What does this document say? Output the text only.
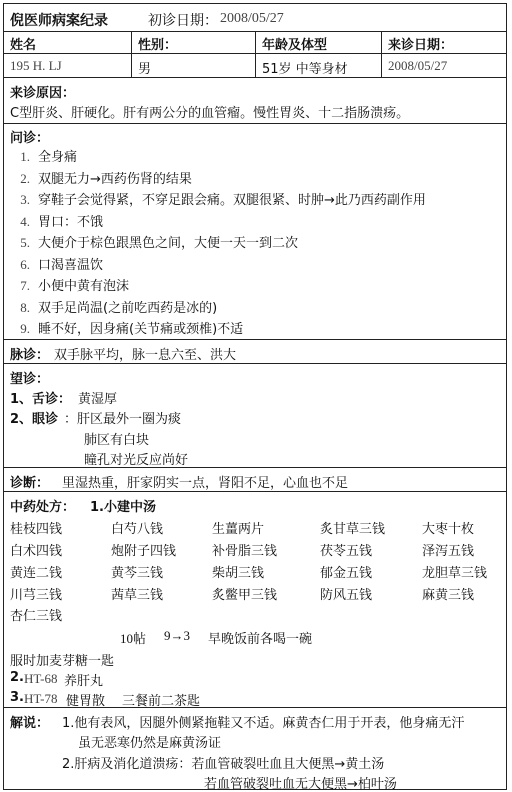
倪医师病案纪录	初诊日期： 2008/05/27
姓名	性别：	年龄及体型	来诊日期：
195 H. LJ	男	51岁 中等身材	2008/05/27
来诊原因：
C型肝炎、肝硬化。肝有两公分的血管瘤。慢性胃炎、十二指肠溃疡。
问诊：
1. 全身痛
2. 双腿无力→西药伤肾的结果
3. 穿鞋子会觉得紧，不穿足跟会痛。双腿很紧、时肿→此乃西药副作用
4. 胃口：不饿
5. 大便介于棕色跟黑色之间，大便一天一到二次
6. 口渴喜温饮
7. 小便中黄有泡沫
8. 双手足尚温(之前吃西药是冰的)
9. 睡不好，因身痛(关节痛或颈椎)不适
脉诊： 双手脉平均，脉一息六至、洪大
望诊：
1、舌诊： 黄湿厚
2、眼诊 ：肝区最外一圈为痰
肺区有白块
瞳孔对光反应尚好
诊断： 里湿热重，肝家阴实一点，肾阳不足，心血也不足
中药处方： 1.小建中汤
桂枝四钱	白芍八钱	生薑两片	炙甘草三钱	大枣十枚
白术四钱	炮附子四钱	补骨脂三钱	茯苓五钱	泽泻五钱
黄连二钱	黄芩三钱	柴胡三钱	郁金五钱	龙胆草三钱
川芎三钱	茜草三钱	炙鳖甲三钱	防风五钱	麻黄三钱
杏仁三钱
10帖 9→3 早晚饭前各喝一碗
服时加麦芽糖一匙
2. HT-68 养肝丸
3. HT-78 健胃散 三餐前二茶匙
解说： 1.他有表风，因腿外侧紧拖鞋又不适。麻黄杏仁用于开表，他身痛无汗
虽无恶寒仍然是麻黄汤证
2.肝病及消化道溃疡：若血管破裂吐血且大便黑→黄土汤
若血管破裂吐血无大便黑→柏叶汤
